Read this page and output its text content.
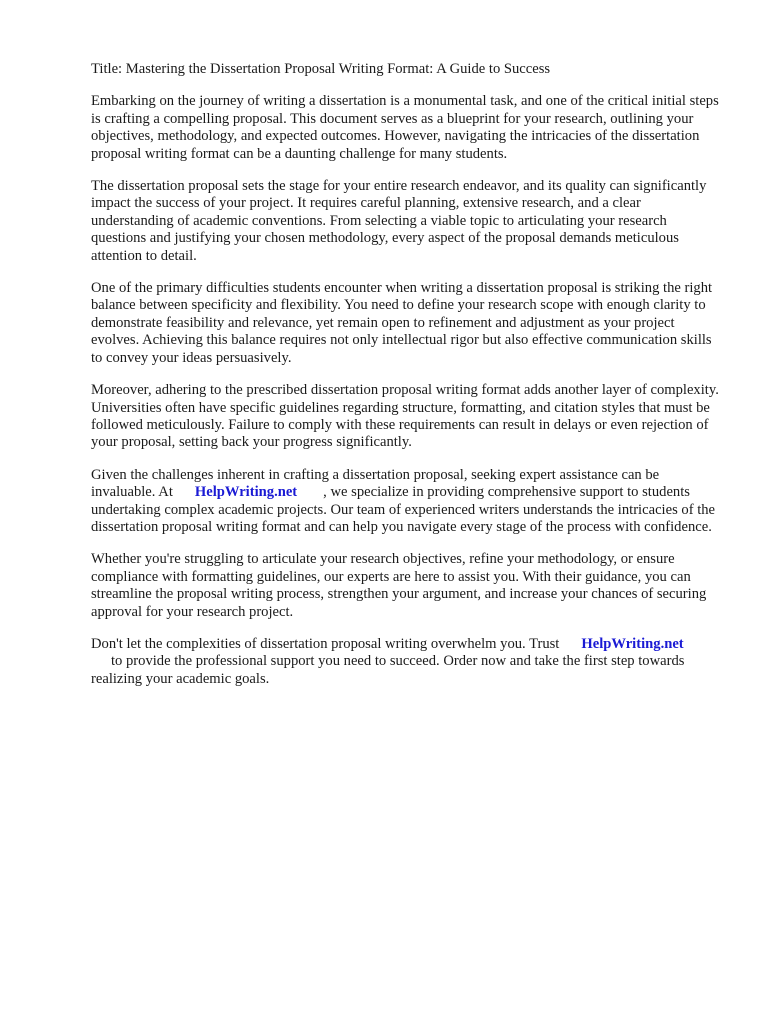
Title: Mastering the Dissertation Proposal Writing Format: A Guide to Success

Embarking on the journey of writing a dissertation is a monumental task, and one of the critical initial steps is crafting a compelling proposal. This document serves as a blueprint for your research, outlining your objectives, methodology, and expected outcomes. However, navigating the intricacies of the dissertation proposal writing format can be a daunting challenge for many students.

The dissertation proposal sets the stage for your entire research endeavor, and its quality can significantly impact the success of your project. It requires careful planning, extensive research, and a clear understanding of academic conventions. From selecting a viable topic to articulating your research questions and justifying your chosen methodology, every aspect of the proposal demands meticulous attention to detail.

One of the primary difficulties students encounter when writing a dissertation proposal is striking the right balance between specificity and flexibility. You need to define your research scope with enough clarity to demonstrate feasibility and relevance, yet remain open to refinement and adjustment as your project evolves. Achieving this balance requires not only intellectual rigor but also effective communication skills to convey your ideas persuasively.

Moreover, adhering to the prescribed dissertation proposal writing format adds another layer of complexity. Universities often have specific guidelines regarding structure, formatting, and citation styles that must be followed meticulously. Failure to comply with these requirements can result in delays or even rejection of your proposal, setting back your progress significantly.

Given the challenges inherent in crafting a dissertation proposal, seeking expert assistance can be invaluable. At HelpWriting.net , we specialize in providing comprehensive support to students undertaking complex academic projects. Our team of experienced writers understands the intricacies of the dissertation proposal writing format and can help you navigate every stage of the process with confidence.

Whether you're struggling to articulate your research objectives, refine your methodology, or ensure compliance with formatting guidelines, our experts are here to assist you. With their guidance, you can streamline the proposal writing process, strengthen your argument, and increase your chances of securing approval for your research project.

Don't let the complexities of dissertation proposal writing overwhelm you. Trust HelpWriting.net
to provide the professional support you need to succeed. Order now and take the first step towards realizing your academic goals.
